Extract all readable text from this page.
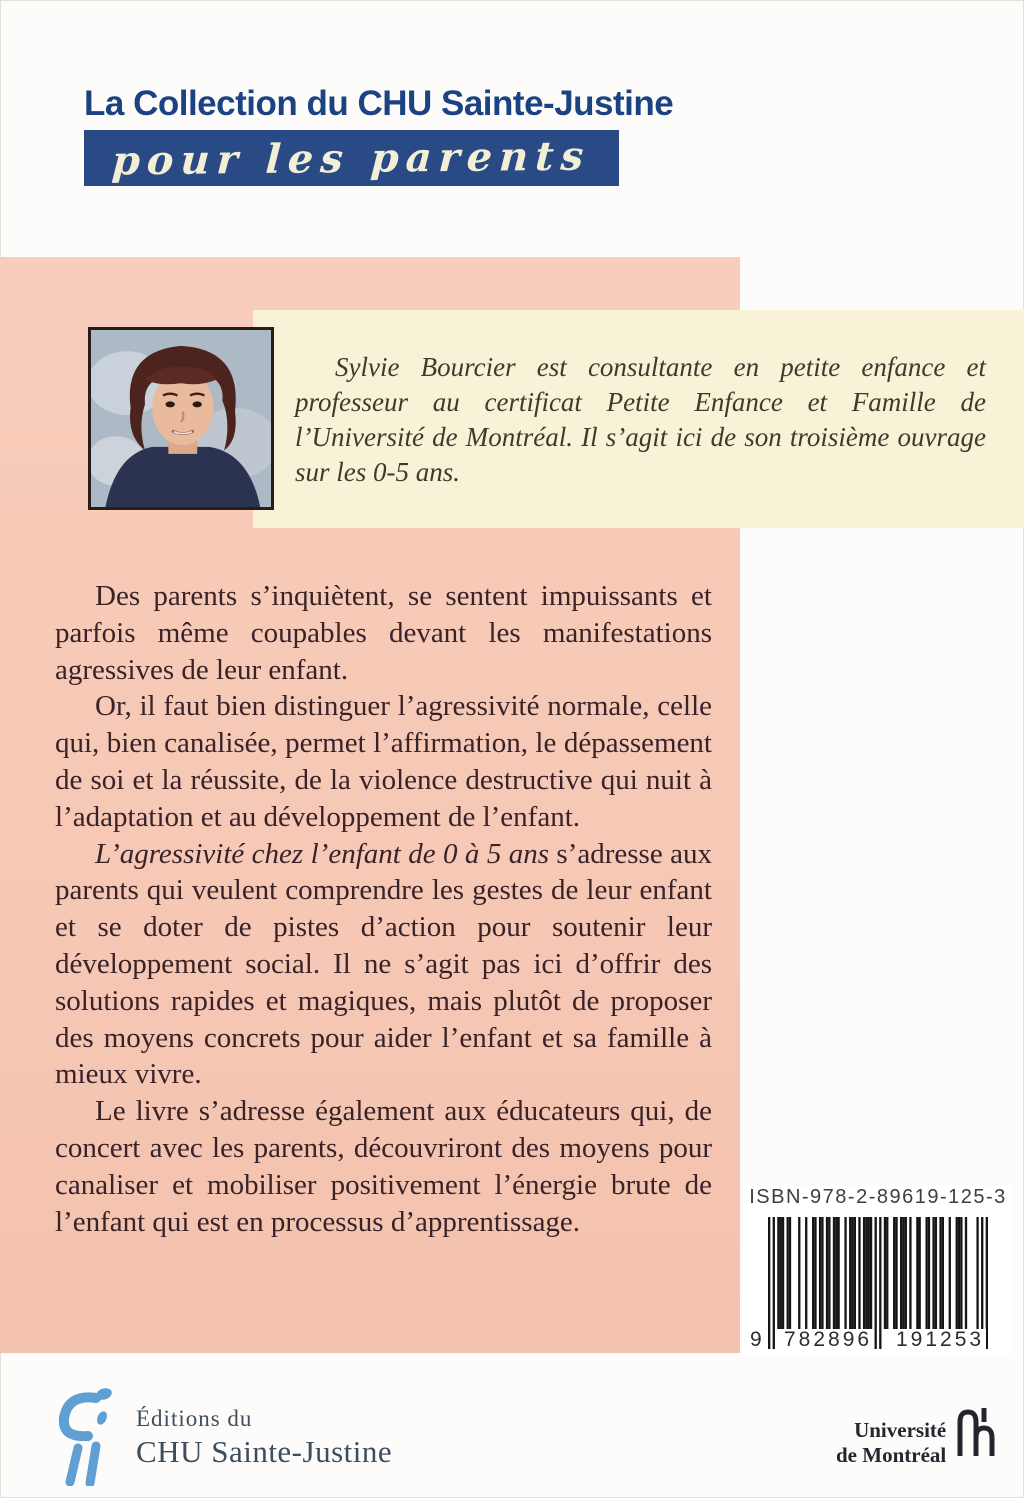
La Collection du CHU Sainte-Justine
pour les parents

Sylvie Bourcier est consultante en petite enfance et professeur au certificat Petite Enfance et Famille de l’Université de Montréal. Il s’agit ici de son troisième ouvrage sur les 0-5 ans.

Des parents s’inquiètent, se sentent impuissants et parfois même coupables devant les manifestations agressives de leur enfant.

Or, il faut bien distinguer l’agressivité normale, celle qui, bien canalisée, permet l’affirmation, le dépassement de soi et la réussite, de la violence destructive qui nuit à l’adaptation et au développement de l’enfant.

L’agressivité chez l’enfant de 0 à 5 ans s’adresse aux parents qui veulent comprendre les gestes de leur enfant et se doter de pistes d’action pour soutenir leur développement social. Il ne s’agit pas ici d’offrir des solutions rapides et magiques, mais plutôt de proposer des moyens concrets pour aider l’enfant et sa famille à mieux vivre.

Le livre s’adresse également aux éducateurs qui, de concert avec les parents, découvriront des moyens pour canaliser et mobiliser positivement l’énergie brute de l’enfant qui est en processus d’apprentissage.

ISBN-978-2-89619-125-3
9 782896 191253
Éditions du
CHU Sainte-Justine
Université
de Montréal
